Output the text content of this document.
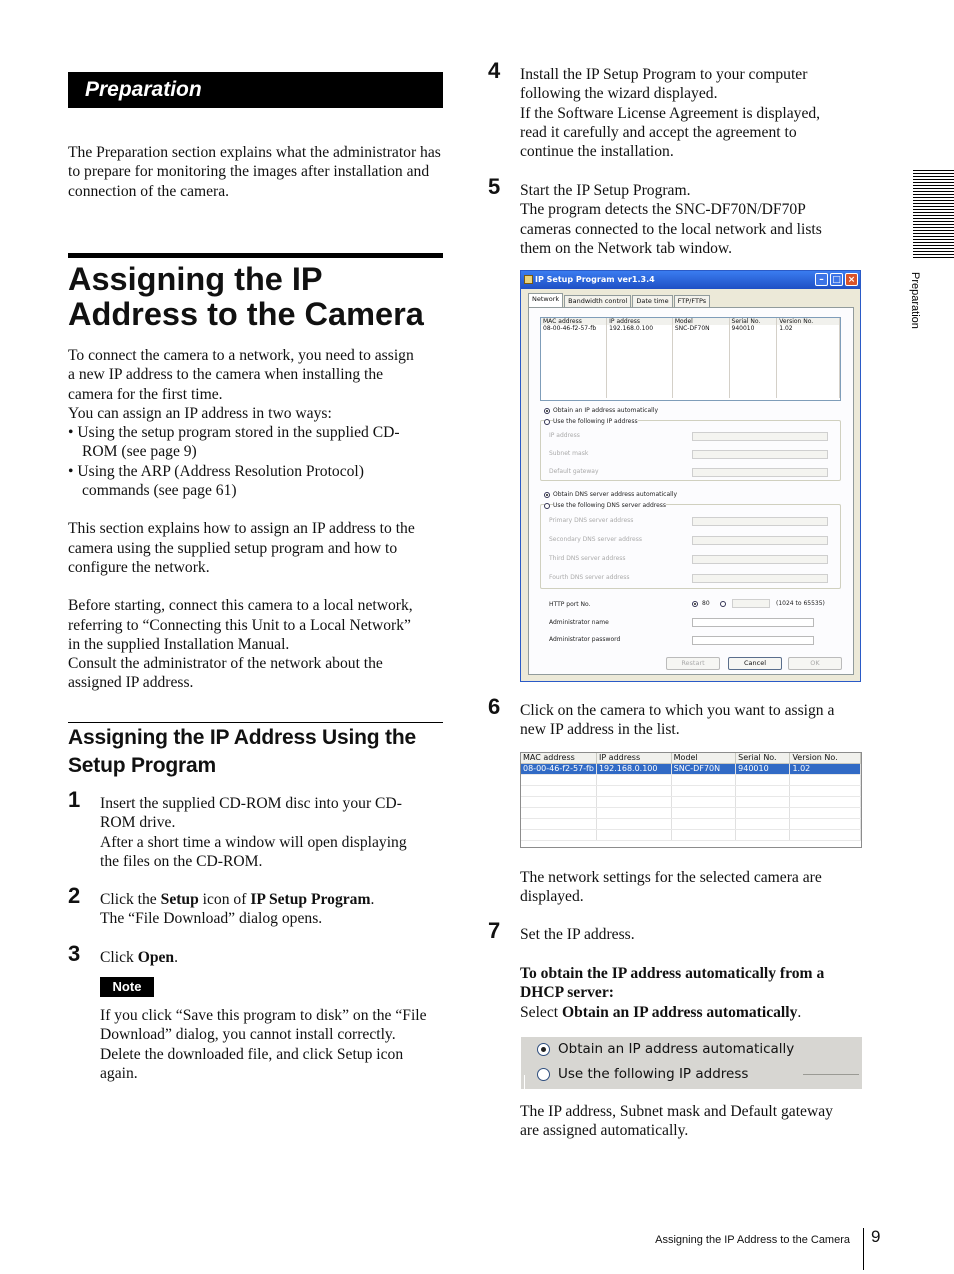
Preparation

The Preparation section explains what the administrator has to prepare for monitoring the images after installation and connection of the camera.

Assigning the IP
Address to the Camera
To connect the camera to a network, you need to assign
a new IP address to the camera when installing the
camera for the first time.
You can assign an IP address in two ways:
• Using the setup program stored in the supplied CD-
ROM (see page 9)
• Using the ARP (Address Resolution Protocol)
commands (see page 61)
This section explains how to assign an IP address to the
camera using the supplied setup program and how to
configure the network.
Before starting, connect this camera to a local network,
referring to “Connecting this Unit to a Local Network”
in the supplied Installation Manual.
Consult the administrator of the network about the
assigned IP address.
Assigning the IP Address Using the
Setup Program
1 Insert the supplied CD-ROM disc into your CD-
ROM drive.
After a short time a window will open displaying
the files on the CD-ROM.
2 Click the Setup icon of IP Setup Program.
The “File Download” dialog opens.
3 Click Open.
Note
If you click “Save this program to disk” on the “File
Download” dialog, you cannot install correctly.
Delete the downloaded file, and click Setup icon
again.
4 Install the IP Setup Program to your computer
following the wizard displayed.
If the Software License Agreement is displayed,
read it carefully and accept the agreement to
continue the installation.
5 Start the IP Setup Program.
The program detects the SNC-DF70N/DF70P
cameras connected to the local network and lists
them on the Network tab window.
IP Setup Program ver1.3.4	– □ ×
Network	Bandwidth control	Date time	FTP/FTPs
MAC address	IP address	Model	Serial No.	Version No.
08-00-46-f2-57-fb	192.168.0.100	SNC-DF70N	940010	1.02

Obtain an IP address automatically
Use the following IP address
IP address
Subnet mask
Default gateway
Obtain DNS server address automatically
Use the following DNS server address
Primary DNS server address
Secondary DNS server address
Third DNS server address
Fourth DNS server address
HTTP port No.	80	(1024 to 65535)
Administrator name
Administrator password
Restart	Cancel	OK
6 Click on the camera to which you want to assign a
new IP address in the list.
MAC address	IP address	Model	Serial No.	Version No.
08-00-46-f2-57-fb	192.168.0.100	SNC-DF70N	940010	1.02

The network settings for the selected camera are
displayed.
7 Set the IP address.
To obtain the IP address automatically from a
DHCP server:
Select Obtain an IP address automatically.
Obtain an IP address automatically
Use the following IP address
The IP address, Subnet mask and Default gateway
are assigned automatically.
Preparation
Assigning the IP Address to the Camera 9
